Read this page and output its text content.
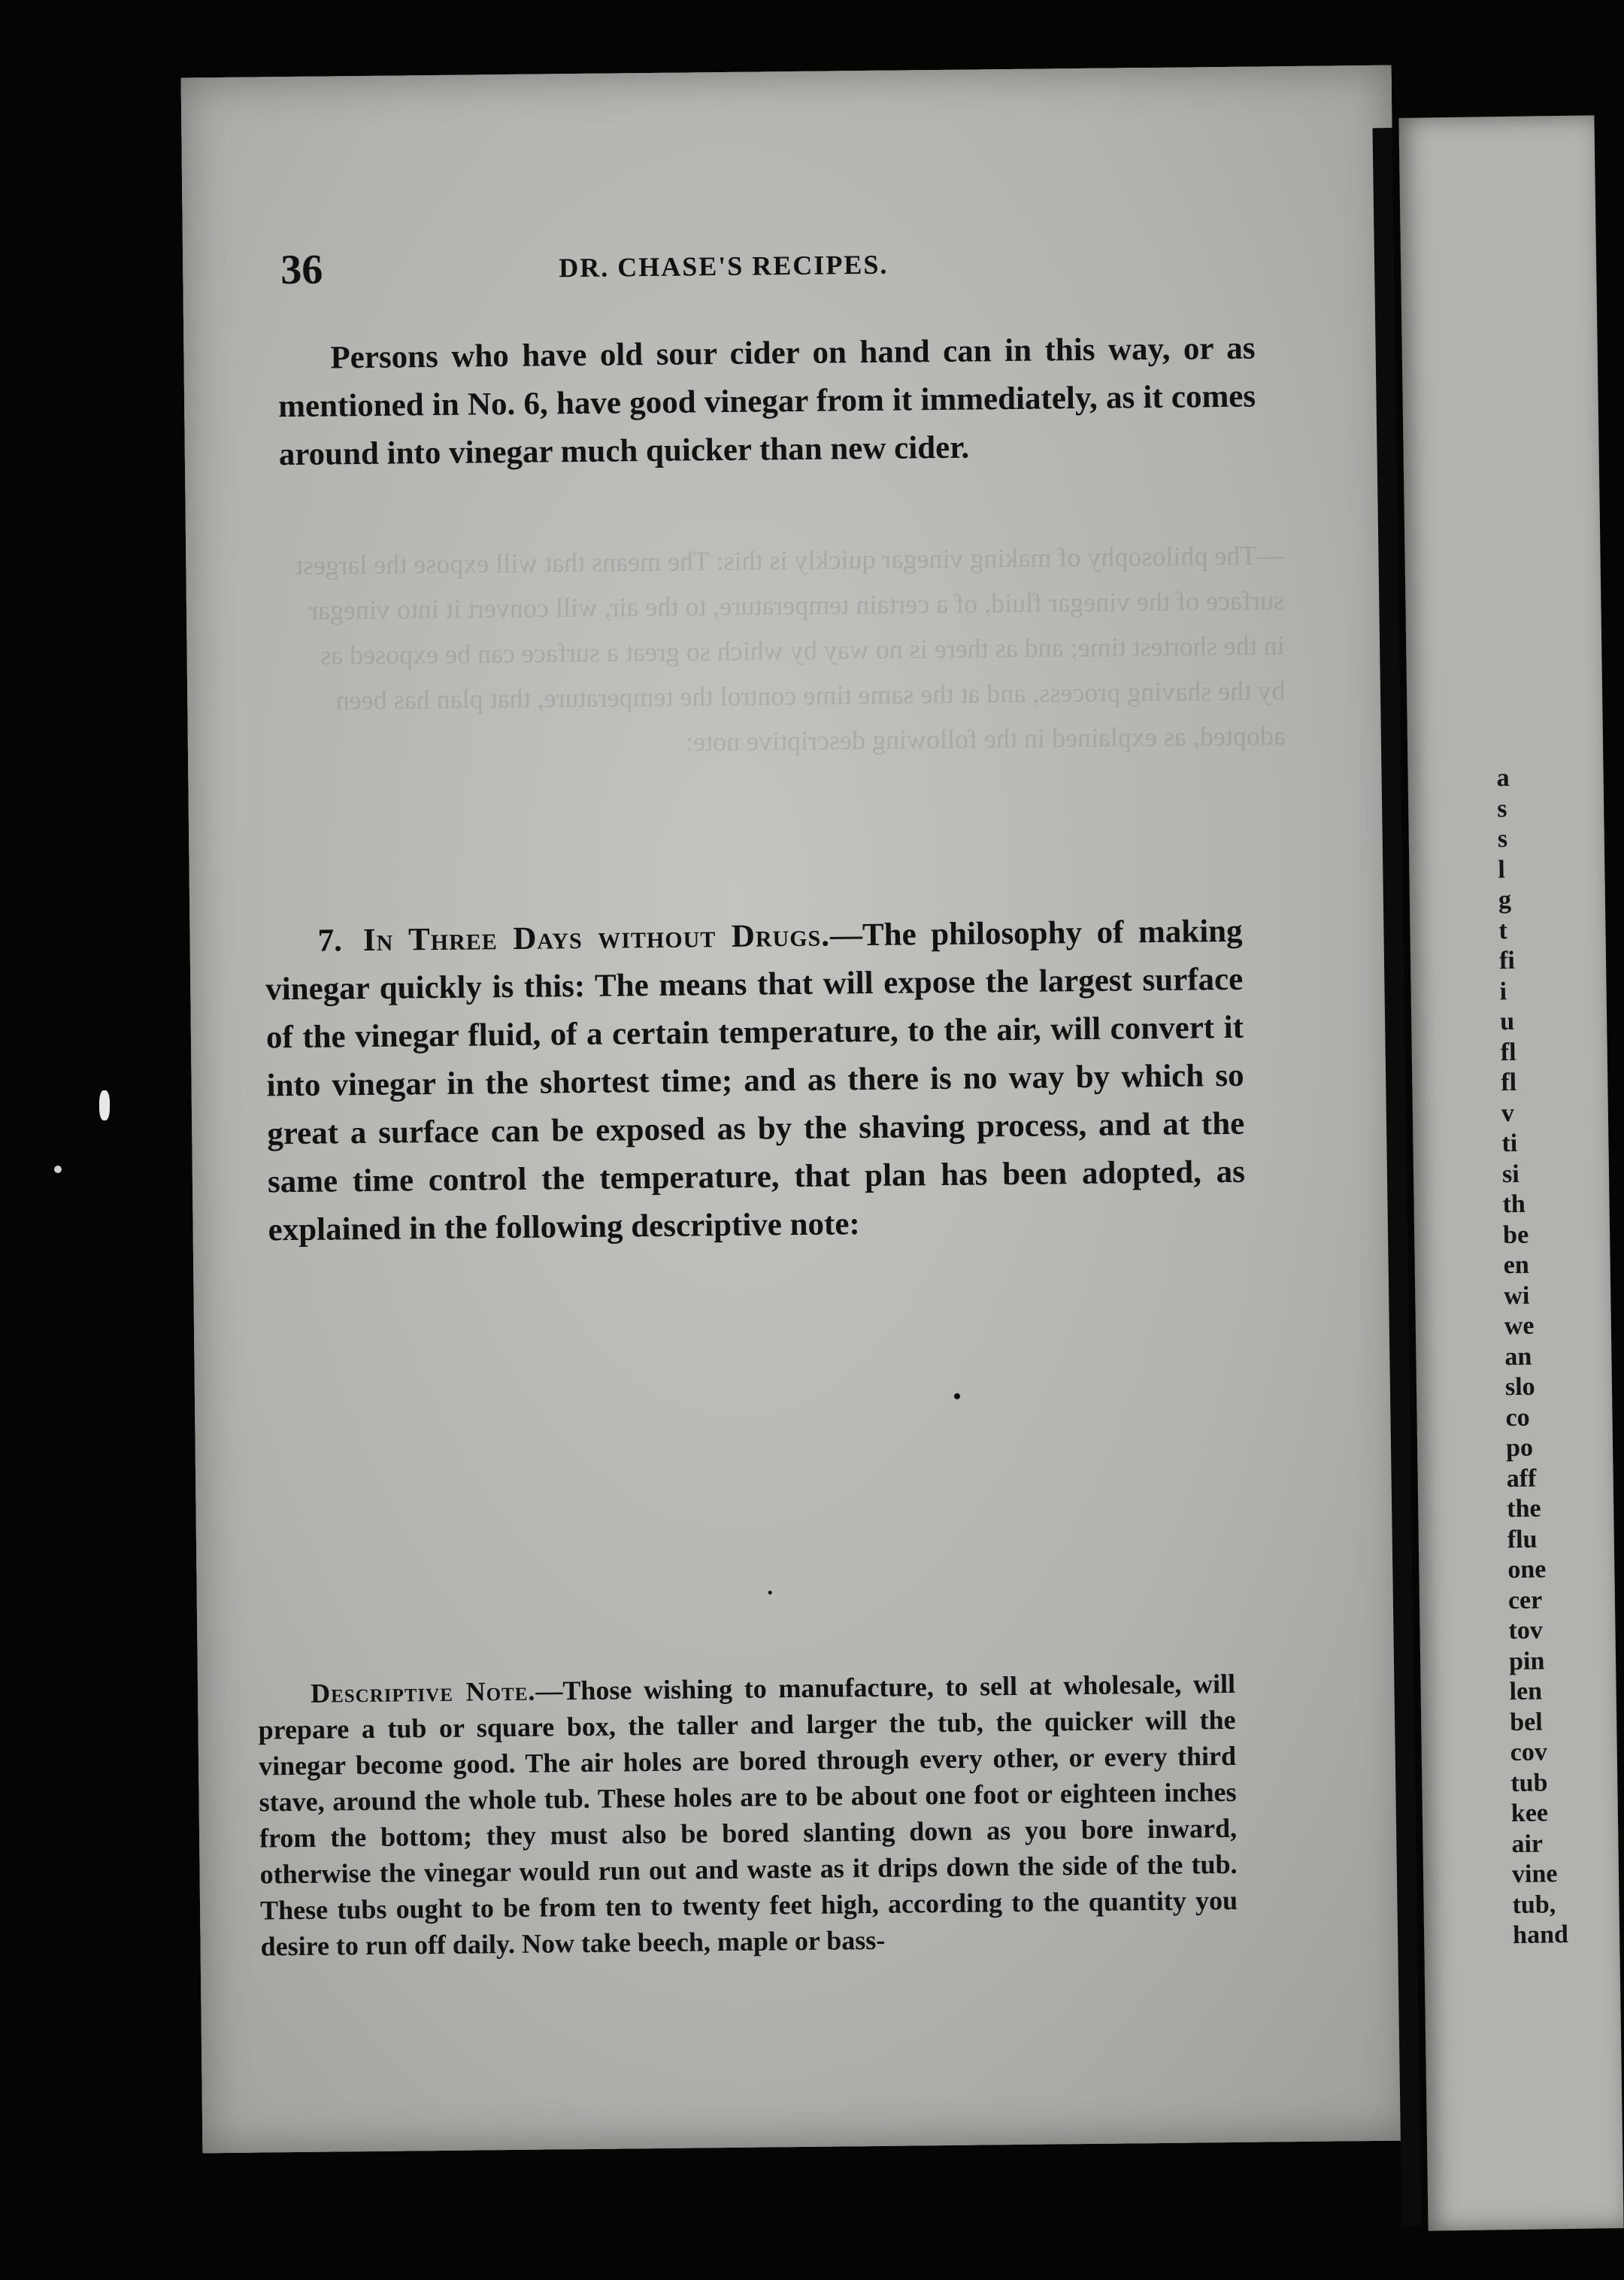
—The philosophy of making vinegar quickly is this: The means that will expose the largest surface of the vinegar fluid, of a certain temperature, to the air, will convert it into vinegar in the shortest time; and as there is no way by which so great a surface can be exposed as by the shaving process, and at the same time control the temperature, that plan has been adopted, as explained in the following descriptive note:
36	DR. CHASE'S RECIPES.

Persons who have old sour cider on hand can in this way, or as mentioned in No. 6, have good vinegar from it immediately, as it comes around into vinegar much quicker than new cider.

7. In Three Days without Drugs.—The philosophy of making vinegar quickly is this: The means that will expose the largest surface of the vinegar fluid, of a certain temperature, to the air, will convert it into vinegar in the shortest time; and as there is no way by which so great a surface can be exposed as by the shaving process, and at the same time control the temperature, that plan has been adopted, as explained in the following descriptive note:

Descriptive Note.—Those wishing to manufacture, to sell at wholesale, will prepare a tub or square box, the taller and larger the tub, the quicker will the vinegar become good. The air holes are bored through every other, or every third stave, around the whole tub. These holes are to be about one foot or eighteen inches from the bottom; they must also be bored slanting down as you bore inward, otherwise the vinegar would run out and waste as it drips down the side of the tub. These tubs ought to be from ten to twenty feet high, according to the quantity you desire to run off daily. Now take beech, maple or bass-

a
s
s
l
g
t
fi
i
u
fl
fl
v
ti
si
th
be
en
wi
we
an
slo
co
po
aff
the
flu
one
cer
tov
pin
len
bel
cov
tub
kee
air
vine
tub,
hand
